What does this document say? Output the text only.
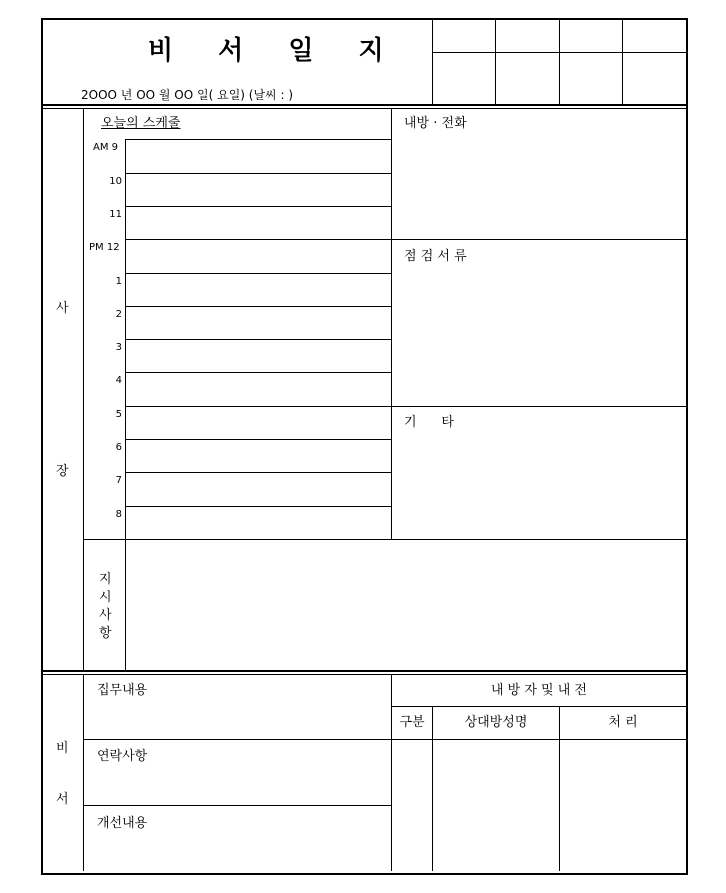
비 서 일 지
2OOO 년 OO 월 OO 일( 요일) (날씨 : )
사
장
오늘의 스케줄
AM 9
10
11
PM 12
1
2
3
4
5
6
7
8
내방 · 전화
점 검 서 류
기      타
지
시
사
항
비
서
집무내용
연락사항
개선내용
내 방 자 및 내 전
구분	상대방성명	처 리
